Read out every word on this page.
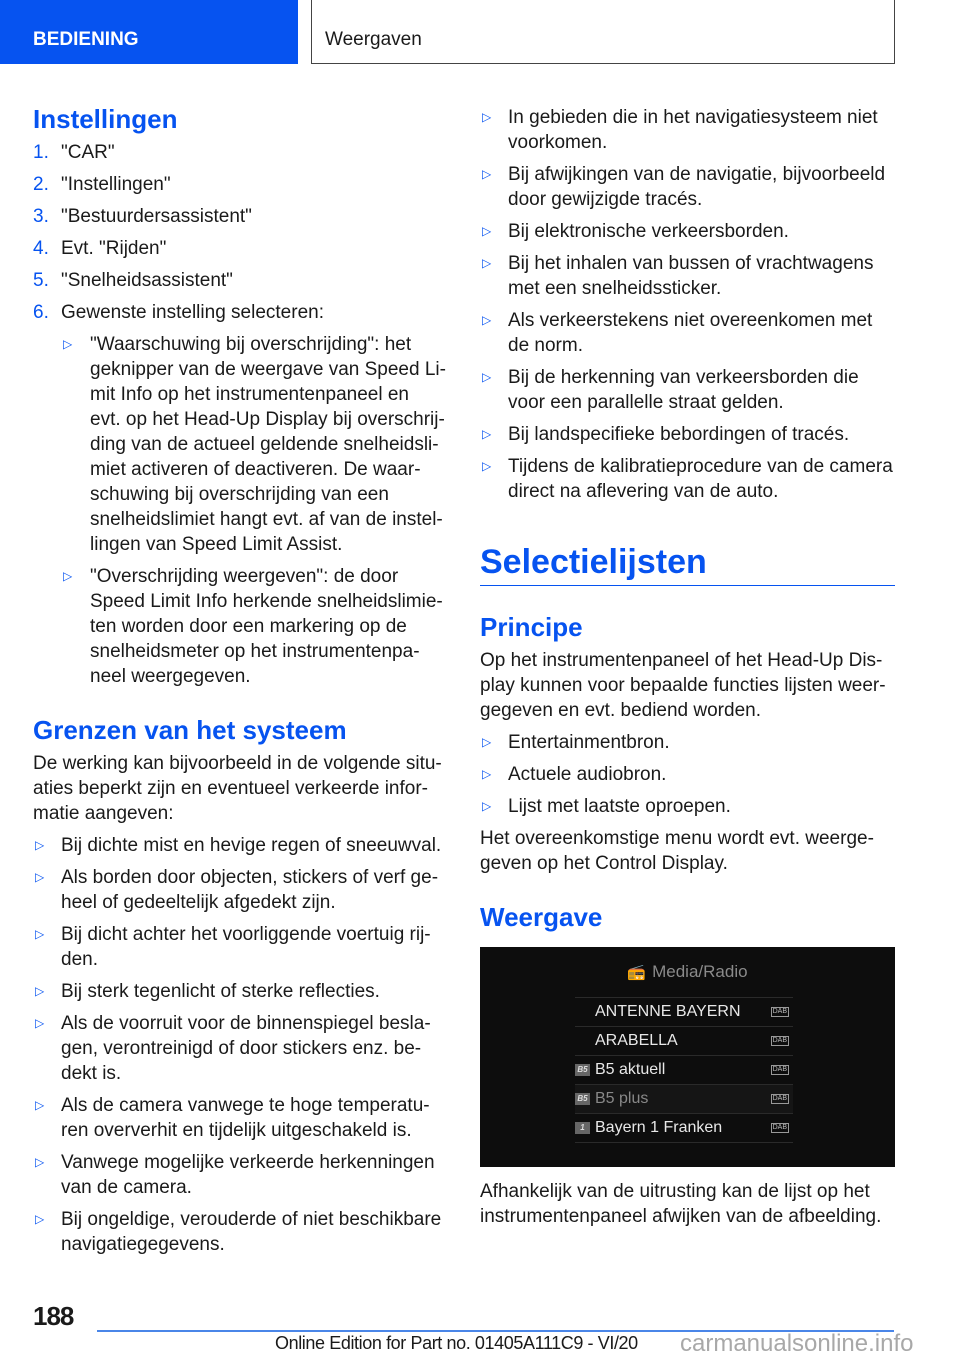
BEDIENING	Weergaven
Instellingen
1. "CAR"
2. "Instellingen"
3. "Bestuurdersassistent"
4. Evt. "Rijden"
5. "Snelheidsassistent"
6. Gewenste instelling selecteren:
▷ "Waarschuwing bij overschrijding": het
geknipper van de weergave van Speed Li-
mit Info op het instrumentenpaneel en
evt. op het Head-Up Display bij overschrij-
ding van de actueel geldende snelheidsli-
miet activeren of deactiveren. De waar-
schuwing bij overschrijding van een
snelheidslimiet hangt evt. af van de instel-
lingen van Speed Limit Assist.
▷ "Overschrijding weergeven": de door
Speed Limit Info herkende snelheidslimie-
ten worden door een markering op de
snelheidsmeter op het instrumentenpa-
neel weergegeven.
Grenzen van het systeem
De werking kan bijvoorbeeld in de volgende situ-
aties beperkt zijn en eventueel verkeerde infor-
matie aangeven:
▷ Bij dichte mist en hevige regen of sneeuwval.
▷ Als borden door objecten, stickers of verf ge-
heel of gedeeltelijk afgedekt zijn.
▷ Bij dicht achter het voorliggende voertuig rij-
den.
▷ Bij sterk tegenlicht of sterke reflecties.
▷ Als de voorruit voor de binnenspiegel besla-
gen, verontreinigd of door stickers enz. be-
dekt is.
▷ Als de camera vanwege te hoge temperatu-
ren oververhit en tijdelijk uitgeschakeld is.
▷ Vanwege mogelijke verkeerde herkenningen
van de camera.
▷ Bij ongeldige, verouderde of niet beschikbare
navigatiegegevens.
▷ In gebieden die in het navigatiesysteem niet
voorkomen.
▷ Bij afwijkingen van de navigatie, bijvoorbeeld
door gewijzigde tracés.
▷ Bij elektronische verkeersborden.
▷ Bij het inhalen van bussen of vrachtwagens
met een snelheidssticker.
▷ Als verkeerstekens niet overeenkomen met
de norm.
▷ Bij de herkenning van verkeersborden die
voor een parallelle straat gelden.
▷ Bij landspecifieke bebordingen of tracés.
▷ Tijdens de kalibratieprocedure van de camera
direct na aflevering van de auto.
Selectielijsten
Principe
Op het instrumentenpaneel of het Head-Up Dis-
play kunnen voor bepaalde functies lijsten weer-
gegeven en evt. bediend worden.
▷ Entertainmentbron.
▷ Actuele audiobron.
▷ Lijst met laatste oproepen.
Het overeenkomstige menu wordt evt. weerge-
geven op het Control Display.
Weergave
📻 Media/Radio
ANTENNE BAYERN	DAB
ARABELLA	DAB
B5 B5 aktuell	DAB
B5 B5 plus	DAB
1 Bayern 1 Franken	DAB
Afhankelijk van de uitrusting kan de lijst op het
instrumentenpaneel afwijken van de afbeelding.
188
Online Edition for Part no. 01405A111C9 - VI/20 carmanualsonline.info
